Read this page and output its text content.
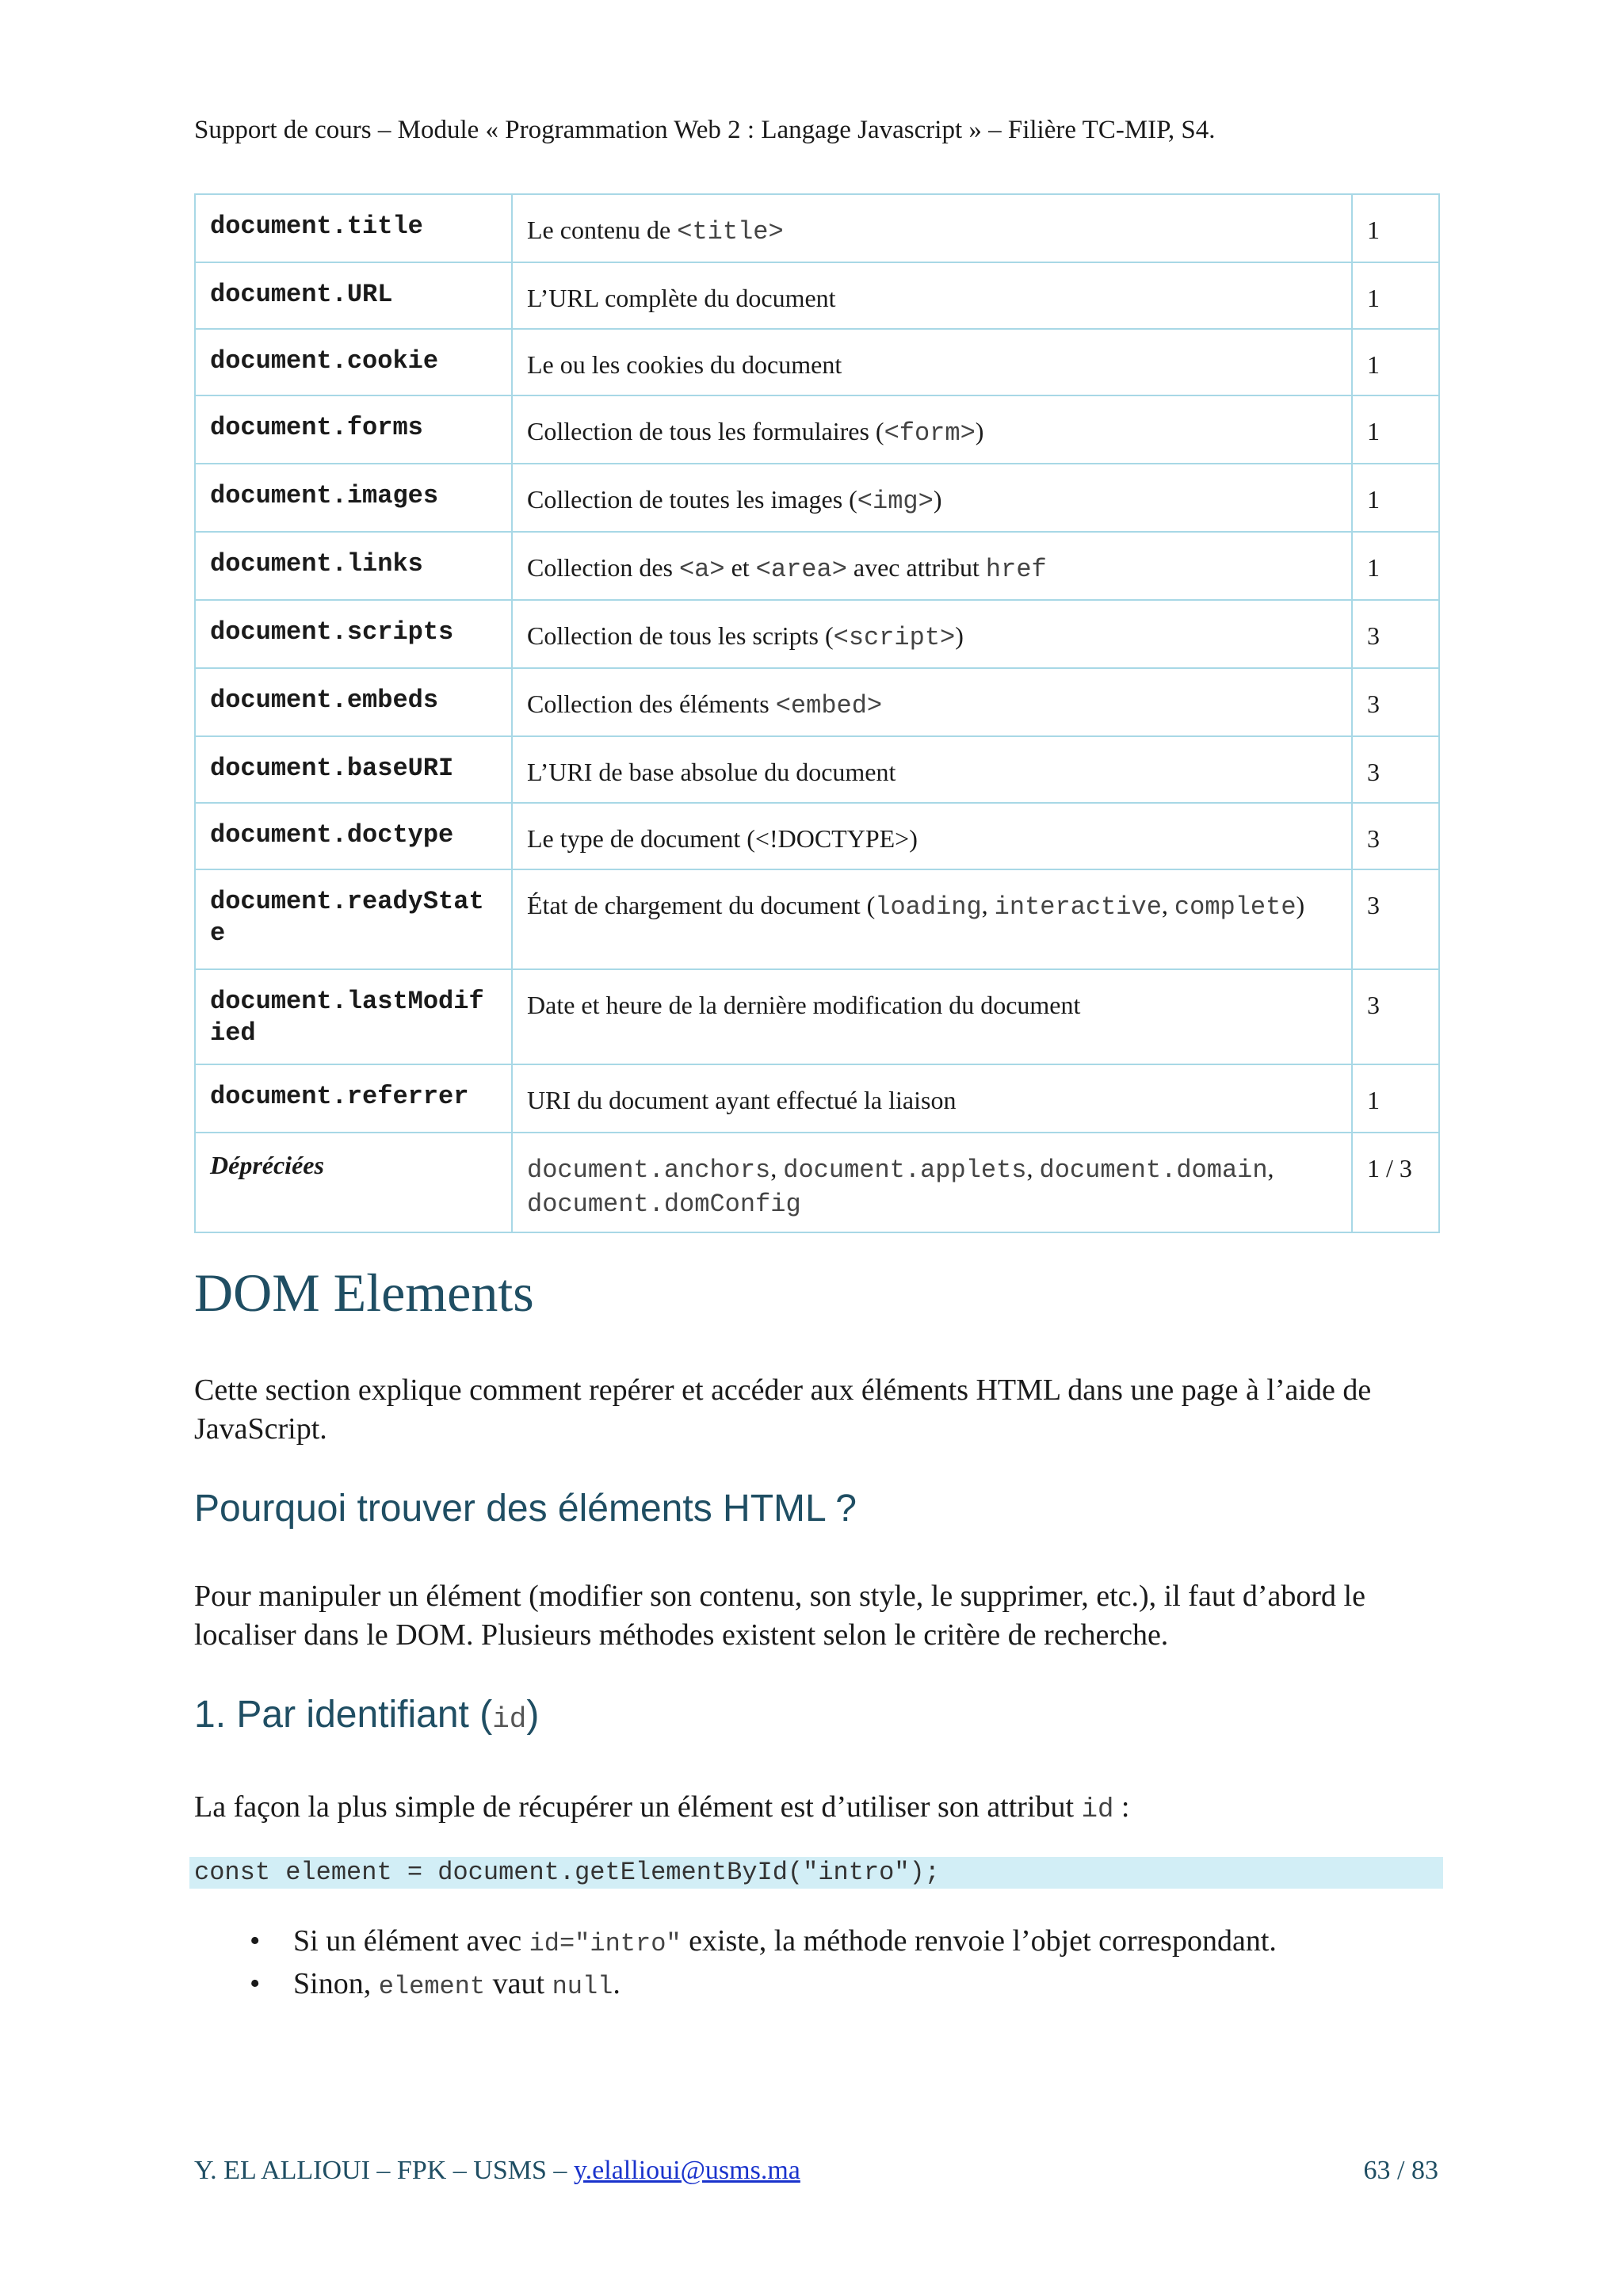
Support de cours – Module « Programmation Web 2 : Langage Javascript » – Filière TC-MIP, S4.
document.title	Le contenu de <title>	1
document.URL	L’URL complète du document	1
document.cookie	Le ou les cookies du document	1
document.forms	Collection de tous les formulaires (<form>)	1
document.images	Collection de toutes les images (<img>)	1
document.links	Collection des <a> et <area> avec attribut href	1
document.scripts	Collection de tous les scripts (<script>)	3
document.embeds	Collection des éléments <embed>	3
document.baseURI	L’URI de base absolue du document	3
document.doctype	Le type de document (<!DOCTYPE>)	3
document.readyState	État de chargement du document (loading, interactive, complete)	3
document.lastModified	Date et heure de la dernière modification du document	3
document.referrer	URI du document ayant effectué la liaison	1
Dépréciées	document.anchors, document.applets, document.domain, document.domConfig	1 / 3
DOM Elements

Cette section explique comment repérer et accéder aux éléments HTML dans une page à l’aide de JavaScript.

Pourquoi trouver des éléments HTML ?

Pour manipuler un élément (modifier son contenu, son style, le supprimer, etc.), il faut d’abord le localiser dans le DOM. Plusieurs méthodes existent selon le critère de recherche.

1. Par identifiant (id)

La façon la plus simple de récupérer un élément est d’utiliser son attribut id :

const element = document.getElementById("intro");
• Si un élément avec id="intro" existe, la méthode renvoie l’objet correspondant.
• Sinon, element vaut null.
Y. EL ALLIOUI – FPK – USMS – y.elallioui@usms.ma	63 / 83
